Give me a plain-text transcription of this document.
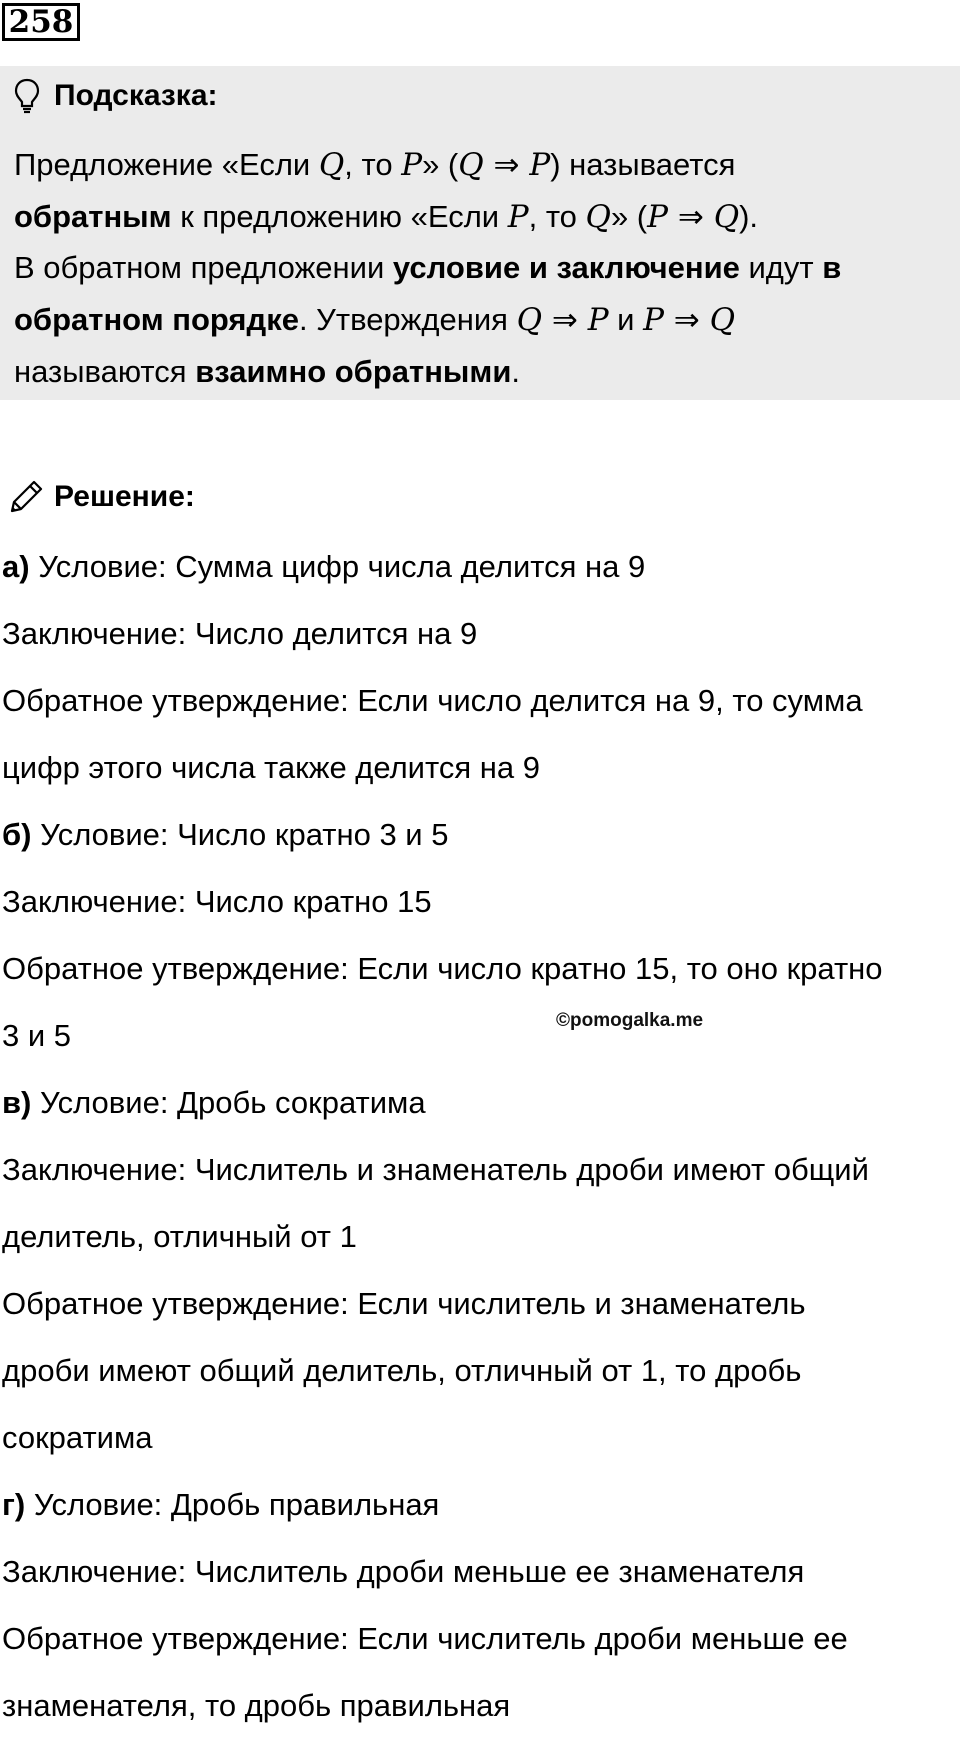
258
Подсказка:
Предложение «Если Q, то P» (Q ⇒ P) называется
обратным к предложению «Если P, то Q» (P ⇒ Q).
В обратном предложении условие и заключение идут в
обратном порядке. Утверждения Q ⇒ P и P ⇒ Q
называются взаимно обратными.
Решение:
а) Условие: Сумма цифр числа делится на 9
Заключение: Число делится на 9
Обратное утверждение: Если число делится на 9, то сумма
цифр этого числа также делится на 9
б) Условие: Число кратно 3 и 5
Заключение: Число кратно 15
Обратное утверждение: Если число кратно 15, то оно кратно
3 и 5
в) Условие: Дробь сократима
Заключение: Числитель и знаменатель дроби имеют общий
делитель, отличный от 1
Обратное утверждение: Если числитель и знаменатель
дроби имеют общий делитель, отличный от 1, то дробь
сократима
г) Условие: Дробь правильная
Заключение: Числитель дроби меньше ее знаменателя
Обратное утверждение: Если числитель дроби меньше ее
знаменателя, то дробь правильная
©pomogalka.me
